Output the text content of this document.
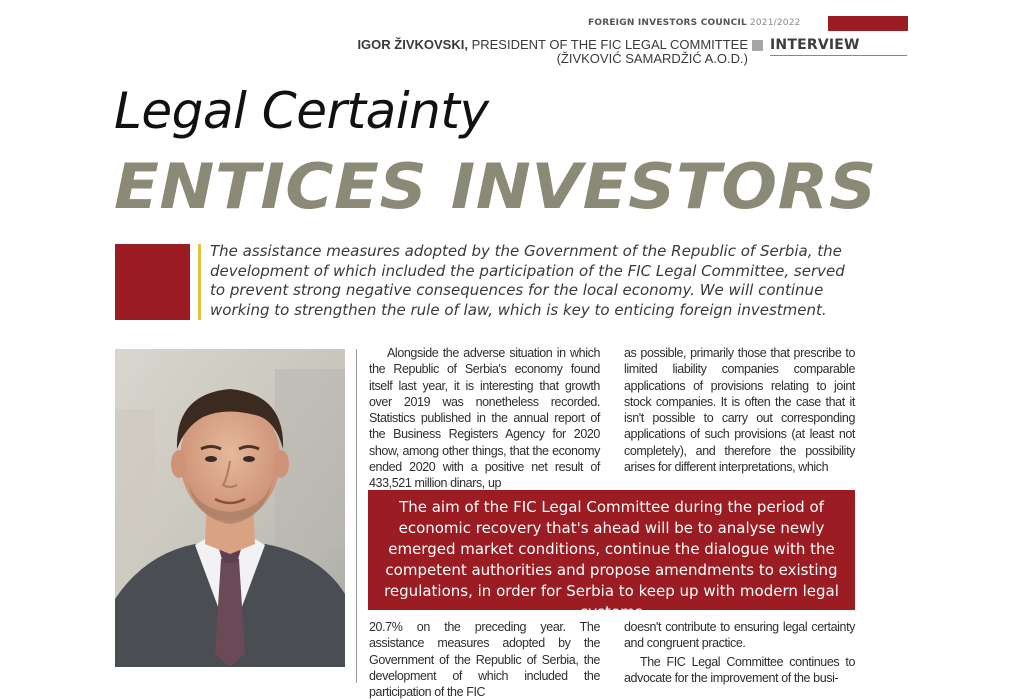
FOREIGN INVESTORS COUNCIL 2021/2022
IGOR ŽIVKOVSKI, PRESIDENT OF THE FIC LEGAL COMMITTEE
(ŽIVKOVIĆ SAMARDŽIĆ A.O.D.)
INTERVIEW
Legal Certainty
ENTICES INVESTORS

The assistance measures adopted by the Government of the Republic of Serbia, the development of which included the participation of the FIC Legal Committee, served to prevent strong negative consequences for the local economy. We will continue working to strengthen the rule of law, which is key to enticing foreign investment.

Alongside the adverse situation in which the Republic of Serbia's economy found itself last year, it is interesting that growth over 2019 was nonetheless recorded. Statistics published in the annual report of the Business Registers Agency for 2020 show, among other things, that the economy ended 2020 with a positive net result of 433,521 million dinars, up

as possible, primarily those that prescribe to limited liability companies comparable applications of provisions relating to joint stock companies. It is often the case that it isn't possible to carry out corresponding applications of such provisions (at least not completely), and therefore the possibility arises for different interpretations, which

The aim of the FIC Legal Committee during the period of economic recovery that's ahead will be to analyse newly emerged market conditions, continue the dialogue with the competent authorities and propose amendments to existing regulations, in order for Serbia to keep up with modern legal systems

20.7% on the preceding year. The assistance measures adopted by the Government of the Republic of Serbia, the development of which included the participation of the FIC

doesn't contribute to ensuring legal certainty and congruent practice.

The FIC Legal Committee continues to advocate for the improvement of the busi-
